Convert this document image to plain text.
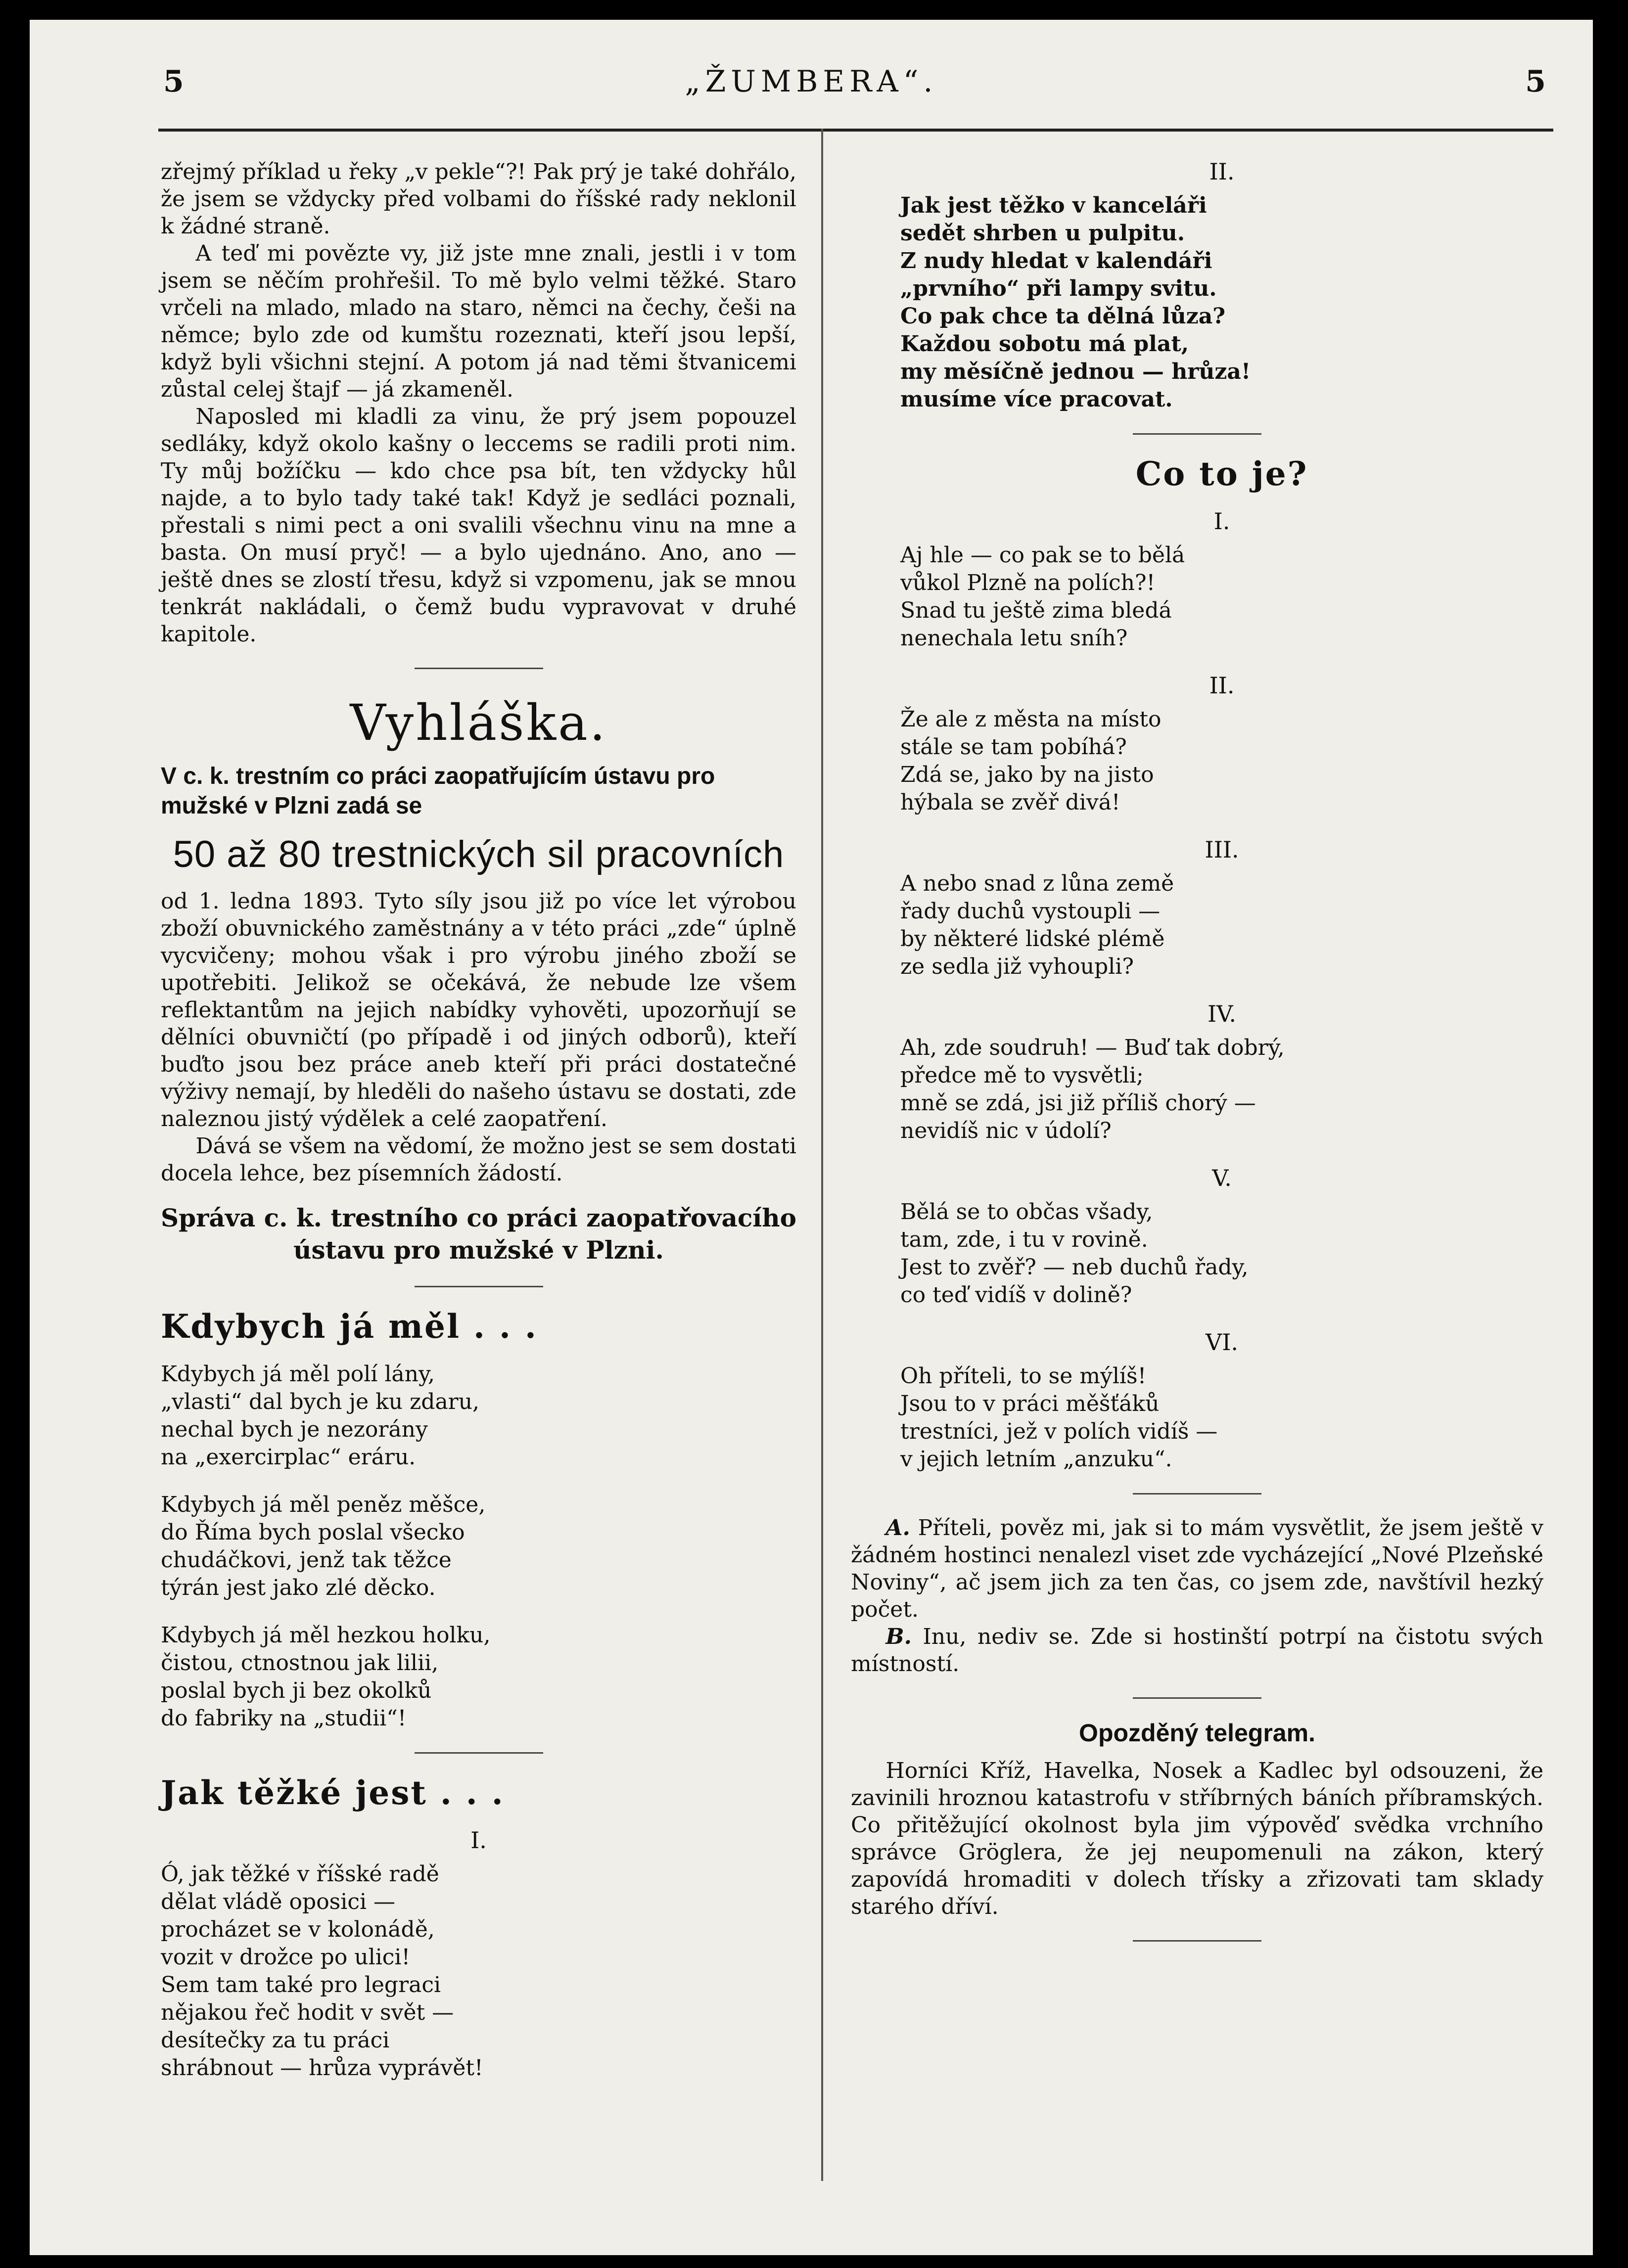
5	„ŽUMBERA“.	5

zřejmý příklad u řeky „v pekle“?! Pak prý je také dohřálo, že jsem se vždycky před volbami do říšské rady neklonil k žádné straně.

A teď mi povězte vy, již jste mne znali, jestli i v tom jsem se něčím prohřešil. To mě bylo velmi těžké. Staro vrčeli na mlado, mlado na staro, němci na čechy, češi na němce; bylo zde od kumštu rozeznati, kteří jsou lepší, když byli všichni stejní. A potom já nad těmi štvanicemi zůstal celej štajf — já zkameněl.

Naposled mi kladli za vinu, že prý jsem popouzel sedláky, když okolo kašny o leccems se radili proti nim. Ty můj božíčku — kdo chce psa bít, ten vždycky hůl najde, a to bylo tady také tak! Když je sedláci poznali, přestali s nimi pect a oni svalili všechnu vinu na mne a basta. On musí pryč! — a bylo ujednáno. Ano, ano — ještě dnes se zlostí třesu, když si vzpomenu, jak se mnou tenkrát nakládali, o čemž budu vypravovat v druhé kapitole.

Vyhláška.

V c. k. trestním co práci zaopatřujícím ústavu pro mužské v Plzni zadá se

50 až 80 trestnických sil pracovních

od 1. ledna 1893. Tyto síly jsou již po více let výrobou zboží obuvnického zaměstnány a v této práci „zde“ úplně vycvičeny; mohou však i pro výrobu jiného zboží se upotřebiti. Jelikož se očekává, že nebude lze všem reflektantům na jejich nabídky vyhověti, upozorňují se dělníci obuvničtí (po případě i od jiných odborů), kteří buďto jsou bez práce aneb kteří při práci dostatečné výživy nemají, by hleděli do našeho ústavu se dostati, zde naleznou jistý výdělek a celé zaopatření.

Dává se všem na vědomí, že možno jest se sem dostati docela lehce, bez písemních žádostí.

Správa c. k. trestního co práci zaopatřovacího ústavu pro mužské v Plzni.
Kdybych já měl . . .
Kdybych já měl polí lány,
„vlasti“ dal bych je ku zdaru,
nechal bych je nezorány
na „exercirplac“ eráru.
Kdybych já měl peněz měšce,
do Říma bych poslal všecko
chudáčkovi, jenž tak těžce
týrán jest jako zlé děcko.
Kdybych já měl hezkou holku,
čistou, ctnostnou jak lilii,
poslal bych ji bez okolků
do fabriky na „studii“!
Jak těžké jest . . .
I.
Ó, jak těžké v říšské radě
dělat vládě oposici —
procházet se v kolonádě,
vozit v drožce po ulici!
Sem tam také pro legraci
nějakou řeč hodit v svět —
desítečky za tu práci
shrábnout — hrůza vyprávět!
II.
Jak jest těžko v kanceláři
sedět shrben u pulpitu.
Z nudy hledat v kalendáři
„prvního“ při lampy svitu.
Co pak chce ta dělná lůza?
Každou sobotu má plat,
my měsíčně jednou — hrůza!
musíme více pracovat.
Co to je?
I.
Aj hle — co pak se to bělá
vůkol Plzně na polích?!
Snad tu ještě zima bledá
nenechala letu sníh?
II.
Že ale z města na místo
stále se tam pobíhá?
Zdá se, jako by na jisto
hýbala se zvěř divá!
III.
A nebo snad z lůna země
řady duchů vystoupli —
by některé lidské plémě
ze sedla již vyhoupli?
IV.
Ah, zde soudruh! — Buď tak dobrý,
předce mě to vysvětli;
mně se zdá, jsi již příliš chorý —
nevidíš nic v údolí?
V.
Bělá se to občas všady,
tam, zde, i tu v rovině.
Jest to zvěř? — neb duchů řady,
co teď vidíš v dolině?
VI.
Oh příteli, to se mýlíš!
Jsou to v práci měšťáků
trestníci, jež v polích vidíš —
v jejich letním „anzuku“.

A. Příteli, pověz mi, jak si to mám vysvětlit, že jsem ještě v žádném hostinci nenalezl viset zde vycházející „Nové Plzeňské Noviny“, ač jsem jich za ten čas, co jsem zde, navštívil hezký počet.

B. Inu, nediv se. Zde si hostinští potrpí na čistotu svých místností.

Opozděný telegram.

Horníci Kříž, Havelka, Nosek a Kadlec byl odsouzeni, že zavinili hroznou katastrofu v stříbrných báních příbramských. Co přitěžující okolnost byla jim výpověď svědka vrchního správce Gröglera, že jej neupomenuli na zákon, který zapovídá hromaditi v dolech třísky a zřizovati tam sklady starého dříví.
